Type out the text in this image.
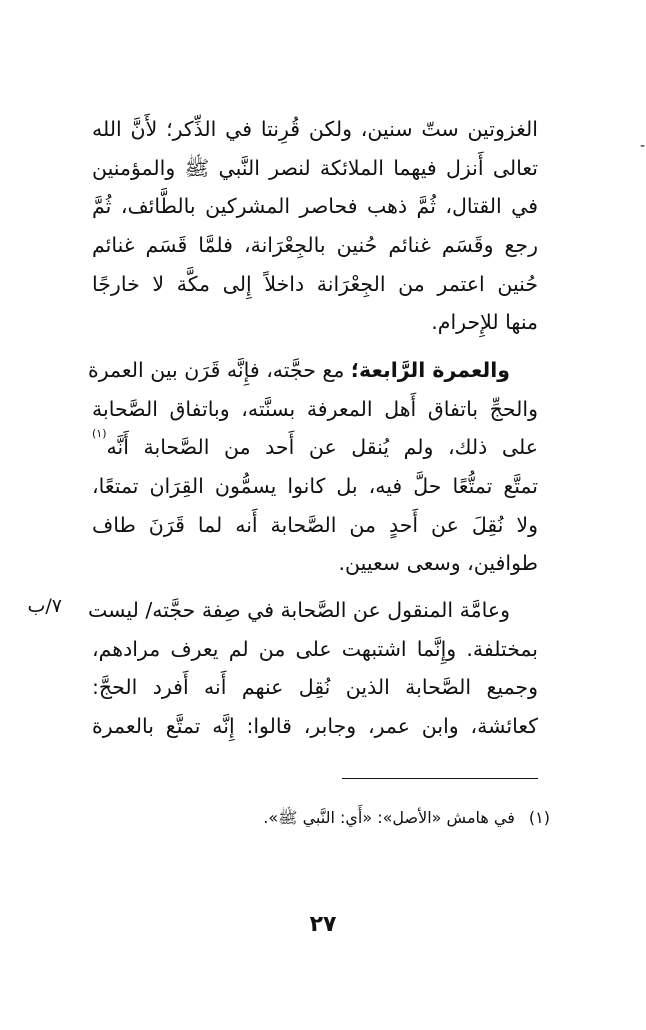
-
الغزوتين ستّ سنين، ولكن قُرِنتا في الذِّكر؛ لأَنَّ الله
تعالى أَنزل فيهما الملائكة لنصر النَّبي ﷺ والمؤمنين
في القتال، ثُمَّ ذهب فحاصر المشركين بالطَّائف، ثُمَّ
رجع وقَسَم غنائم حُنين بالجِعْرَانة، فلمَّا قَسَم غنائم
حُنين اعتمر من الجِعْرَانة داخلاً إِلى مكَّة لا خارجًا
منها للإِحرام.
والعمرة الرَّابعة؛ مع حجَّته، فإِنَّه قَرَن بين العمرة
والحجِّ باتفاق أَهل المعرفة بسنَّته، وباتفاق الصَّحابة
على ذلك، ولم يُنقل عن أَحد من الصَّحابة أَنَّه$^{(١)}$
تمتَّع تمتُّعًا حلَّ فيه، بل كانوا يسمُّون القِرَان تمتعًا،
ولا نُقِلَ عن أَحدٍ من الصَّحابة أَنه لما قَرَنَ طاف
طوافين، وسعى سعيين.
٧/ب وعامَّة المنقول عن الصَّحابة في صِفة حجَّته/ ليست
بمختلفة. وإِنَّما اشتبهت على من لم يعرف مرادهم،
وجميع الصَّحابة الذين نُقِل عنهم أَنه أَفرد الحجَّ:
كعائشة، وابن عمر، وجابر، قالوا: إِنَّه تمتَّع بالعمرة
(١)في هامش «الأصل»: «أَي: النَّبي ﷺ».
٢٧
